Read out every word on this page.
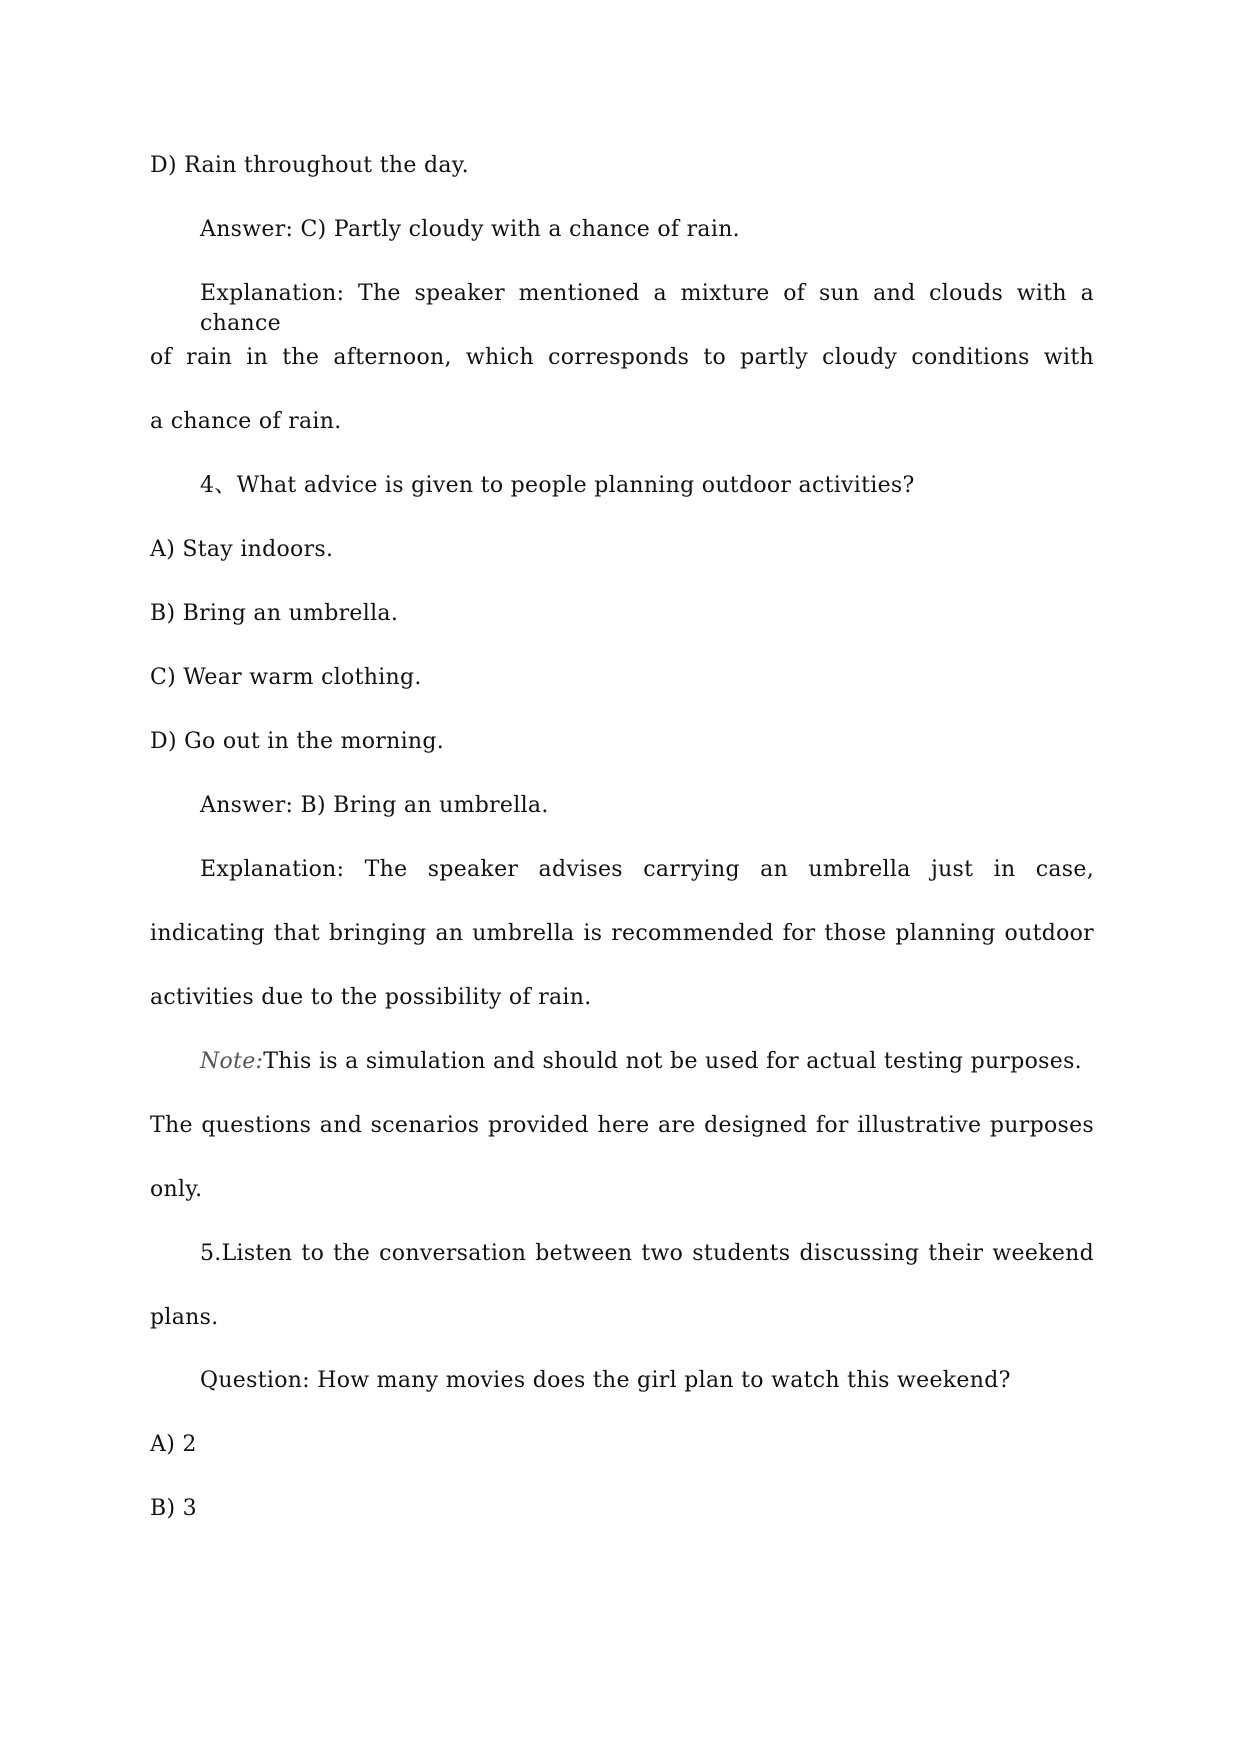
D) Rain throughout the day.
Answer: C) Partly cloudy with a chance of rain.
Explanation: The speaker mentioned a mixture of sun and clouds with a chance
of rain in the afternoon, which corresponds to partly cloudy conditions with
a chance of rain.
4、What advice is given to people planning outdoor activities?
A) Stay indoors.
B) Bring an umbrella.
C) Wear warm clothing.
D) Go out in the morning.
Answer: B) Bring an umbrella.
Explanation: The speaker advises carrying an umbrella just in case,
indicating that bringing an umbrella is recommended for those planning outdoor
activities due to the possibility of rain.
Note:This is a simulation and should not be used for actual testing purposes.
The questions and scenarios provided here are designed for illustrative purposes
only.
5.Listen to the conversation between two students discussing their weekend
plans.
Question: How many movies does the girl plan to watch this weekend?
A) 2
B) 3
